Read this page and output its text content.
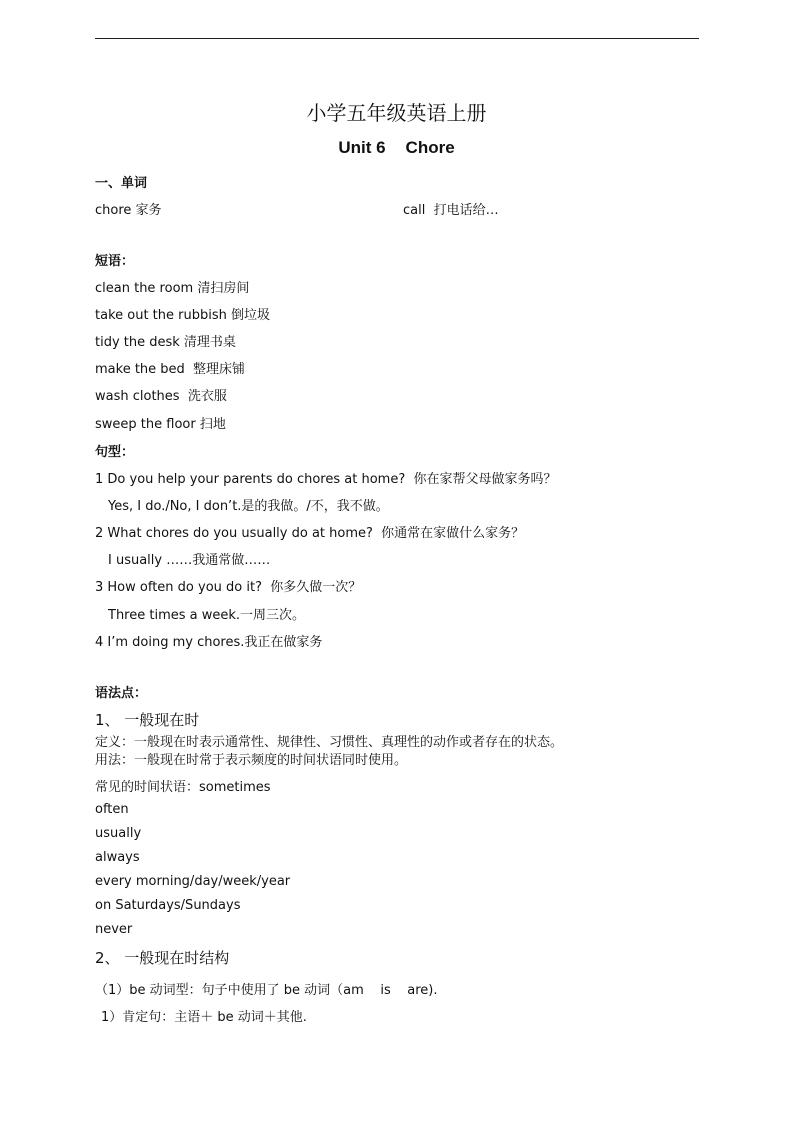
小学五年级英语上册
Unit 6 Chore
一、单词
chore 家务	call  打电话给…
短语：
clean the room 清扫房间
take out the rubbish 倒垃圾
tidy the desk 清理书桌
make the bed  整理床铺
wash clothes  洗衣服
sweep the floor 扫地
句型：
1 Do you help your parents do chores at home?  你在家帮父母做家务吗？
Yes, I do./No, I don’t.是的我做。/不，我不做。
2 What chores do you usually do at home?  你通常在家做什么家务？
I usually ……我通常做……
3 How often do you do it?  你多久做一次？
Three times a week.一周三次。
4 I’m doing my chores.我正在做家务
语法点：
1、 一般现在时
定义：一般现在时表示通常性、规律性、习惯性、真理性的动作或者存在的状态。
用法：一般现在时常于表示频度的时间状语同时使用。
常见的时间状语：sometimes
often
usually
always
every morning/day/week/year
on Saturdays/Sundays
never
2、 一般现在时结构
（1）be 动词型：句子中使用了 be 动词（am    is    are).
1）肯定句：主语＋ be 动词＋其他.
